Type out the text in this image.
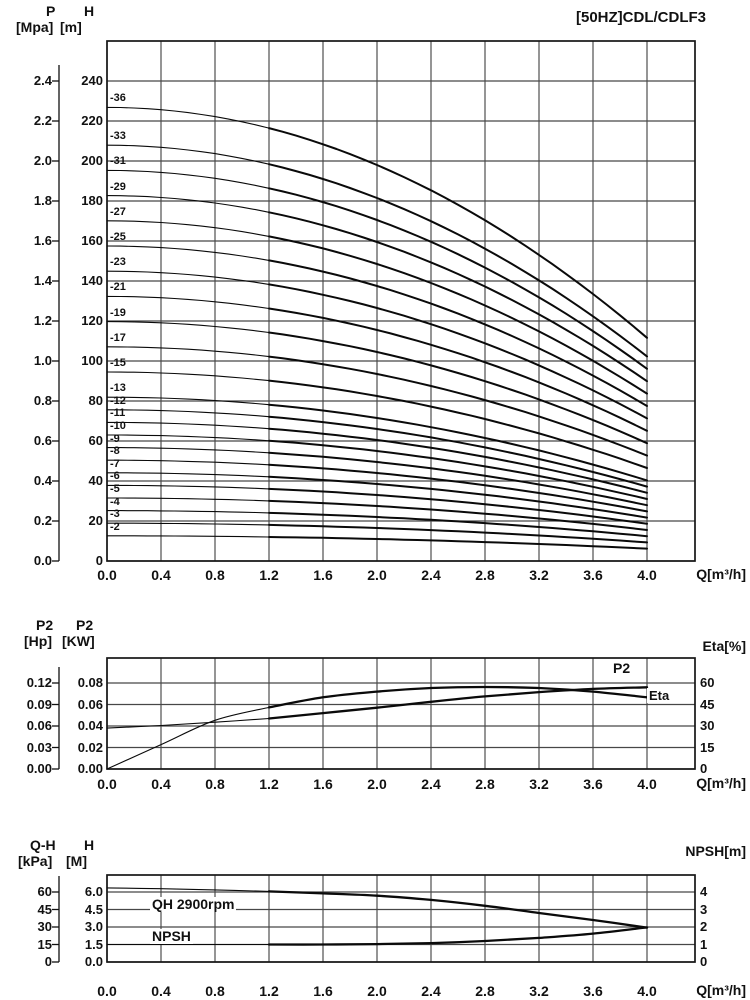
2.4
2.2
2.0
1.8
1.6
1.4
1.2
1.0
0.8
0.6
0.4
0.2
0.0
240
220
200
180
160
140
120
100
80
60
40
20
0
0.0	0.4	0.8	1.2	1.6	2.0	2.4	2.8	3.2	3.6	4.0
0.12
0.09
0.06
0.03
0.00
0.08
0.06
0.04
0.02
0.00
60
45
30
15
0
0.0	0.4	0.8	1.2	1.6	2.0	2.4	2.8	3.2	3.6	4.0
60
45
30
15
0
6.0
4.5
3.0
1.5
0.0
4
3
2
1
0
0.0	0.4	0.8	1.2	1.6	2.0	2.4	2.8	3.2	3.6	4.0
-36
-33
-31
-29
-27
-25
-23
-21
-19
-17
-15
-13
-12
-11
-10
-9
-8
-7
-6
-5
-4
-3
-2
[50HZ]CDL/CDLF3
P H
[Mpa] [m]
Q[m³/h]
P2 P2
[Hp] [KW]	Eta[%]
P2
Eta
Q[m³/h]
Q-H H
[kPa] [M]
NPSH[m]
QH 2900rpm
NPSH
Q[m³/h]
